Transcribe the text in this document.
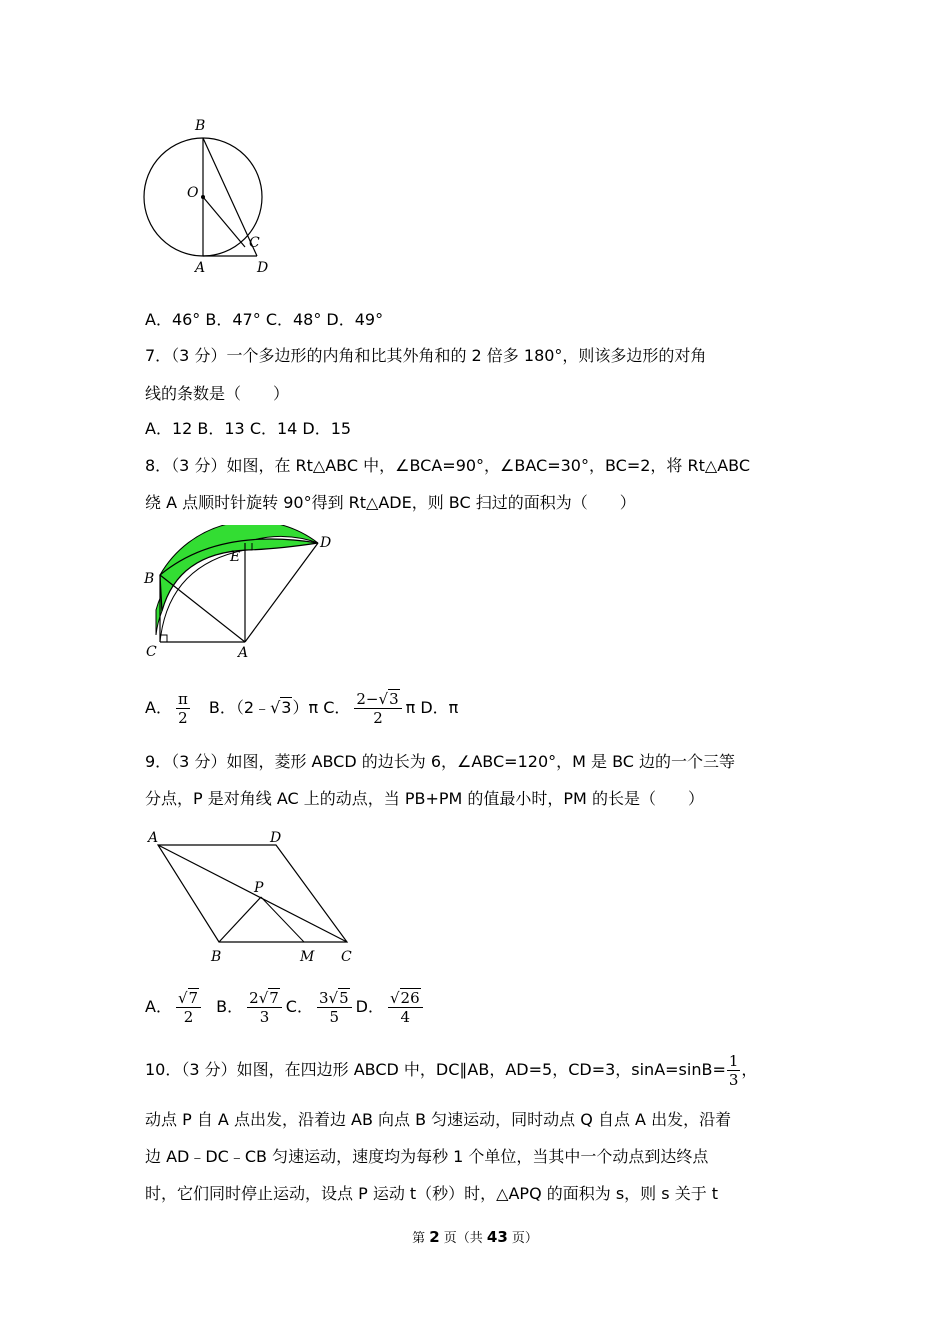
B
O
C
A	D
A．46° B．47° C．48° D．49°
7．（3 分）一个多边形的内角和比其外角和的 2 倍多 180°，则该多边形的对角
线的条数是（　　）
A．12 B．13 C．14 D．15
8．（3 分）如图，在 Rt△ABC 中，∠BCA=90°，∠BAC=30°，BC=2，将 Rt△ABC
绕 A 点顺时针旋转 90°得到 Rt△ADE，则 BC 扫过的面积为（　　）
B
E
D
C	A
A． $\frac{\pi}{2}$ B．（2﹣√3）π C． $\frac{2-√3}{2}$ π D．π
9．（3 分）如图，菱形 ABCD 的边长为 6，∠ABC=120°，M 是 BC 边的一个三等
分点，P 是对角线 AC 上的动点，当 PB+PM 的值最小时，PM 的长是（　　）
A	D
P
B	M C
A． $\frac{√7}{2}$ B． $\frac{2√7}{3}$ C． $\frac{3√5}{5}$ D． $\frac{√26}{4}$
10．（3 分）如图，在四边形 ABCD 中，DC∥AB，AD=5，CD=3，$\sin A=\sin B= \frac{1}{3}$ ，
动点 P 自 A 点出发，沿着边 AB 向点 B 匀速运动，同时动点 Q 自点 A 出发，沿着
边 AD﹣DC﹣CB 匀速运动，速度均为每秒 1 个单位，当其中一个动点到达终点
时，它们同时停止运动，设点 P 运动 t（秒）时，△APQ 的面积为 s，则 s 关于 t
第 2 页（共 43 页）
